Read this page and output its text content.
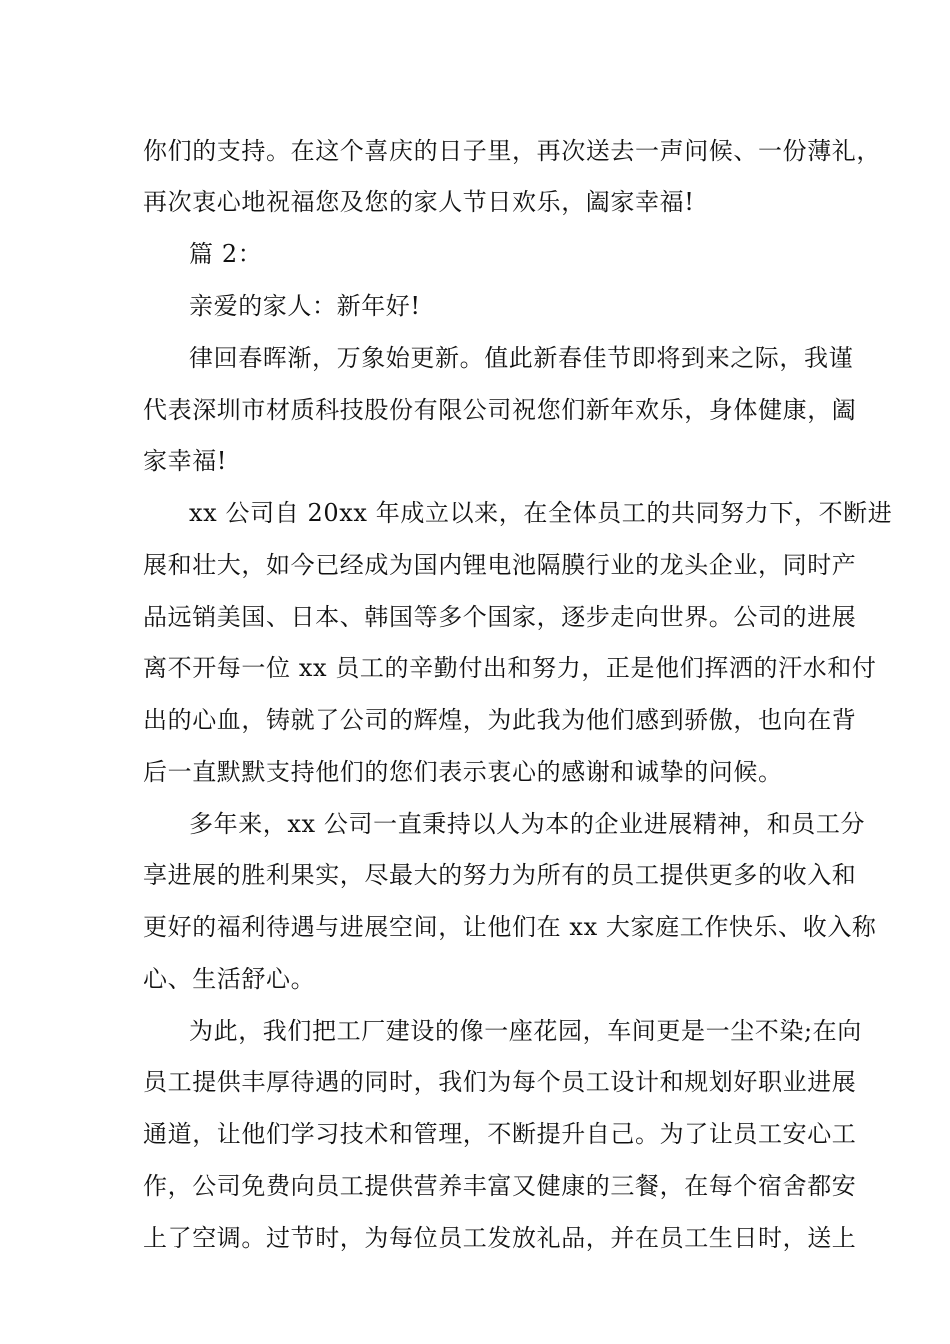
你们的支持。在这个喜庆的日子里，再次送去一声问候、一份薄礼，

再次衷心地祝福您及您的家人节日欢乐，阖家幸福!

篇 2：

亲爱的家人：新年好!

律回春晖渐，万象始更新。值此新春佳节即将到来之际，我谨

代表深圳市材质科技股份有限公司祝您们新年欢乐，身体健康，阖

家幸福!

xx 公司自 20xx 年成立以来，在全体员工的共同努力下，不断进

展和壮大，如今已经成为国内锂电池隔膜行业的龙头企业，同时产

品远销美国、日本、韩国等多个国家，逐步走向世界。公司的进展

离不开每一位 xx 员工的辛勤付出和努力，正是他们挥洒的汗水和付

出的心血，铸就了公司的辉煌，为此我为他们感到骄傲，也向在背

后一直默默支持他们的您们表示衷心的感谢和诚挚的问候。

多年来，xx 公司一直秉持以人为本的企业进展精神，和员工分

享进展的胜利果实，尽最大的努力为所有的员工提供更多的收入和

更好的福利待遇与进展空间，让他们在 xx 大家庭工作快乐、收入称

心、生活舒心。

为此，我们把工厂建设的像一座花园，车间更是一尘不染;在向

员工提供丰厚待遇的同时，我们为每个员工设计和规划好职业进展

通道，让他们学习技术和管理，不断提升自己。为了让员工安心工

作，公司免费向员工提供营养丰富又健康的三餐，在每个宿舍都安

上了空调。过节时，为每位员工发放礼品，并在员工生日时，送上
